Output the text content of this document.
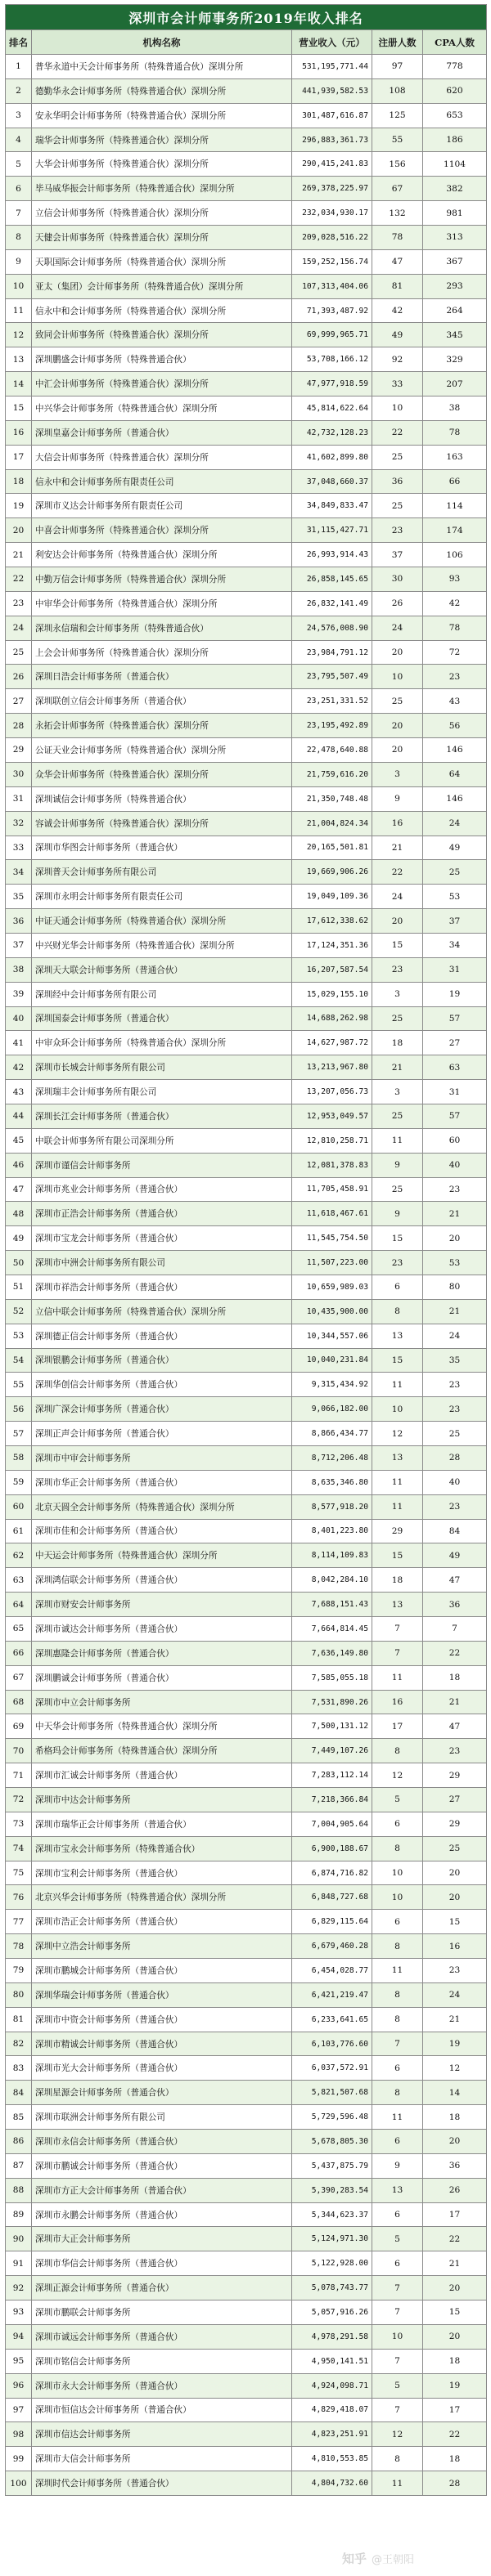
深圳市会计师事务所2019年收入排名				
排名	机构名称	营业收入（元）	注册人数	CPA人数
1	普华永道中天会计师事务所（特殊普通合伙）深圳分所	531,195,771.44	97	778
2	德勤华永会计师事务所（特殊普通合伙）深圳分所	441,939,582.53	108	620
3	安永华明会计师事务所（特殊普通合伙）深圳分所	301,487,616.87	125	653
4	瑞华会计师事务所（特殊普通合伙）深圳分所	296,883,361.73	55	186
5	大华会计师事务所（特殊普通合伙）深圳分所	290,415,241.83	156	1104
6	毕马威华振会计师事务所（特殊普通合伙）深圳分所	269,378,225.97	67	382
7	立信会计师事务所（特殊普通合伙）深圳分所	232,034,930.17	132	981
8	天健会计师事务所（特殊普通合伙）深圳分所	209,028,516.22	78	313
9	天职国际会计师事务所（特殊普通合伙）深圳分所	159,252,156.74	47	367
10	亚太（集团）会计师事务所（特殊普通合伙）深圳分所	107,313,404.06	81	293
11	信永中和会计师事务所（特殊普通合伙）深圳分所	71,393,487.92	42	264
12	致同会计师事务所（特殊普通合伙）深圳分所	69,999,965.71	49	345
13	深圳鹏盛会计师事务所（特殊普通合伙）	53,708,166.12	92	329
14	中汇会计师事务所（特殊普通合伙）深圳分所	47,977,918.59	33	207
15	中兴华会计师事务所（特殊普通合伙）深圳分所	45,814,622.64	10	38
16	深圳皇嘉会计师事务所（普通合伙）	42,732,128.23	22	78
17	大信会计师事务所（特殊普通合伙）深圳分所	41,602,899.80	25	163
18	信永中和会计师事务所有限责任公司	37,048,660.37	36	66
19	深圳市义达会计师事务所有限责任公司	34,849,833.47	25	114
20	中喜会计师事务所（特殊普通合伙）深圳分所	31,115,427.71	23	174
21	利安达会计师事务所（特殊普通合伙）深圳分所	26,993,914.43	37	106
22	中勤万信会计师事务所（特殊普通合伙）深圳分所	26,858,145.65	30	93
23	中审华会计师事务所（特殊普通合伙）深圳分所	26,832,141.49	26	42
24	深圳永信瑞和会计师事务所（特殊普通合伙）	24,576,008.90	24	78
25	上会会计师事务所（特殊普通合伙）深圳分所	23,984,791.12	20	72
26	深圳日浩会计师事务所（普通合伙）	23,795,507.49	10	23
27	深圳联创立信会计师事务所（普通合伙）	23,251,331.52	25	43
28	永拓会计师事务所（特殊普通合伙）深圳分所	23,195,492.89	20	56
29	公证天业会计师事务所（特殊普通合伙）深圳分所	22,478,640.88	20	146
30	众华会计师事务所（特殊普通合伙）深圳分所	21,759,616.20	3	64
31	深圳诚信会计师事务所（特殊普通合伙）	21,350,748.48	9	146
32	容诚会计师事务所（特殊普通合伙）深圳分所	21,004,824.34	16	24
33	深圳市华图会计师事务所（普通合伙）	20,165,501.81	21	49
34	深圳普天会计师事务所有限公司	19,669,906.26	22	25
35	深圳市永明会计师事务所有限责任公司	19,049,109.36	24	53
36	中证天通会计师事务所（特殊普通合伙）深圳分所	17,612,338.62	20	37
37	中兴财光华会计师事务所（特殊普通合伙）深圳分所	17,124,351.36	15	34
38	深圳天大联会计师事务所（普通合伙）	16,207,587.54	23	31
39	深圳经中会计师事务所有限公司	15,029,155.10	3	19
40	深圳国泰会计师事务所（普通合伙）	14,688,262.98	25	57
41	中审众环会计师事务所（特殊普通合伙）深圳分所	14,627,987.72	18	27
42	深圳市长城会计师事务所有限公司	13,213,967.80	21	63
43	深圳瑞丰会计师事务所有限公司	13,207,056.73	3	31
44	深圳长江会计师事务所（普通合伙）	12,953,049.57	25	57
45	中联会计师事务所有限公司深圳分所	12,810,258.71	11	60
46	深圳市谨信会计师事务所	12,081,378.83	9	40
47	深圳市兆业会计师事务所（普通合伙）	11,705,458.91	25	23
48	深圳市正浩会计师事务所（普通合伙）	11,618,467.61	9	21
49	深圳市宝龙会计师事务所（普通合伙）	11,545,754.50	15	20
50	深圳市中洲会计师事务所有限公司	11,507,223.00	23	53
51	深圳市祥浩会计师事务所（普通合伙）	10,659,989.03	6	80
52	立信中联会计师事务所（特殊普通合伙）深圳分所	10,435,900.00	8	21
53	深圳德正信会计师事务所（普通合伙）	10,344,557.06	13	24
54	深圳银鹏会计师事务所（普通合伙）	10,040,231.84	15	35
55	深圳华创信会计师事务所（普通合伙）	9,315,434.92	11	23
56	深圳广深会计师事务所（普通合伙）	9,066,182.00	10	23
57	深圳正声会计师事务所（普通合伙）	8,866,434.77	12	25
58	深圳市中审会计师事务所	8,712,206.48	13	28
59	深圳市华正会计师事务所（普通合伙）	8,635,346.80	11	40
60	北京天圆全会计师事务所（特殊普通合伙）深圳分所	8,577,918.20	11	23
61	深圳市佳和会计师事务所（普通合伙）	8,401,223.80	29	84
62	中天运会计师事务所（特殊普通合伙）深圳分所	8,114,109.83	15	49
63	深圳鸿信联会计师事务所（普通合伙）	8,042,284.10	18	47
64	深圳市财安会计师事务所	7,688,151.43	13	36
65	深圳市诚达会计师事务所（普通合伙）	7,664,814.45	7	7
66	深圳惠隆会计师事务所（普通合伙）	7,636,149.80	7	22
67	深圳鹏诚会计师事务所（普通合伙）	7,585,055.18	11	18
68	深圳市中立会计师事务所	7,531,890.26	16	21
69	中天华会计师事务所（特殊普通合伙）深圳分所	7,500,131.12	17	47
70	希格玛会计师事务所（特殊普通合伙）深圳分所	7,449,107.26	8	23
71	深圳市汇诚会计师事务所（普通合伙）	7,283,112.14	12	29
72	深圳市中达会计师事务所	7,218,366.84	5	27
73	深圳市瑞华正会计师事务所（普通合伙）	7,004,905.64	6	29
74	深圳市宝永会计师事务所（特殊普通合伙）	6,900,188.67	8	25
75	深圳市宝利会计师事务所（普通合伙）	6,874,716.82	10	20
76	北京兴华会计师事务所（特殊普通合伙）深圳分所	6,848,727.68	10	20
77	深圳市浩正会计师事务所（普通合伙）	6,829,115.64	6	15
78	深圳中立浩会计师事务所	6,679,460.28	8	16
79	深圳市鹏城会计师事务所（普通合伙）	6,454,028.77	11	23
80	深圳华瑞会计师事务所（普通合伙）	6,421,219.47	8	24
81	深圳市中资会计师事务所（普通合伙）	6,233,641.65	8	21
82	深圳市精诚会计师事务所（普通合伙）	6,103,776.60	7	19
83	深圳市光大会计师事务所（普通合伙）	6,037,572.91	6	12
84	深圳星源会计师事务所（普通合伙）	5,821,507.68	8	14
85	深圳市联洲会计师事务所有限公司	5,729,596.48	11	18
86	深圳市永信会计师事务所（普通合伙）	5,678,805.30	6	20
87	深圳市鹏诚会计师事务所（普通合伙）	5,437,875.79	9	36
88	深圳市方正大会计师事务所（普通合伙）	5,390,283.54	13	26
89	深圳市永鹏会计师事务所（普通合伙）	5,344,623.37	6	17
90	深圳市大正会计师事务所	5,124,971.30	5	22
91	深圳市华信会计师事务所（普通合伙）	5,122,928.00	6	21
92	深圳正源会计师事务所（普通合伙）	5,078,743.77	7	20
93	深圳市鹏联会计师事务所	5,057,916.26	7	15
94	深圳市诚远会计师事务所（普通合伙）	4,978,291.58	10	20
95	深圳市铭信会计师事务所	4,950,141.51	7	18
96	深圳市永大会计师事务所（普通合伙）	4,924,098.71	5	19
97	深圳市恒信达会计师事务所（普通合伙）	4,829,418.07	7	17
98	深圳市信达会计师事务所	4,823,251.91	12	22
99	深圳市大信会计师事务所	4,810,553.85	8	18
100	深圳时代会计师事务所（普通合伙）	4,804,732.60	11	28
知乎 @王朝阳
